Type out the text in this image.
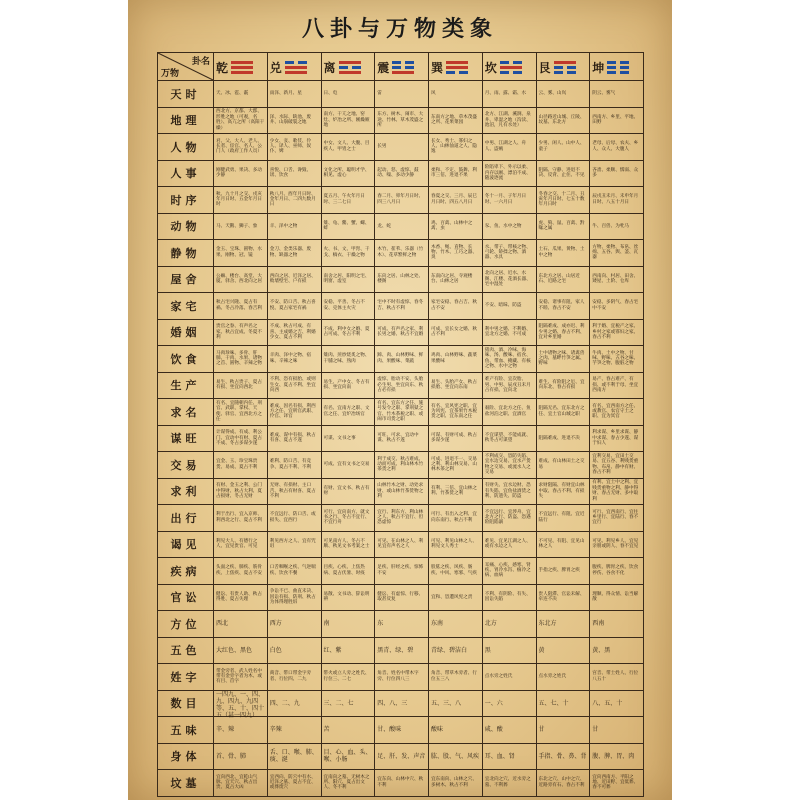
八卦与万物类象
卦名
万物	乾	兑	离	震	巽	坎	艮	坤
天时	天、冰、雹、霰	雨泽、新月、星	日、电	雷	风	月、雨、露、霜、水	云、雾、山岚	阴云、雾气

地理	西北方、京都、大郡、形胜之地（可观，名胜）、高亢之所（高阳干燥）	泽、水际、缺池、废井、山崩破裂之地	南方、干亢之地、窑灶、炉冶之所、刚燥厥地	东方、树木、闹市、大途、竹林、草木茂盛之所	东南方之地、草木茂盛之所、花果菜园	北方、江湖、溪涧、泉井、卑湿之地（沟渎、池沼，凡有水处）	山径路近山城、丘陵、坟墓、东北方	西南方、乡里、平地、田野

人物	君、父、大人、老人、长者、宦官、名人、公门人（政府工作人员）	少女、妾、歌伎、伶人、译人、巫师、奴仆、婢	中女、文人、大腹、目疾人、甲胄之士	长男	长女、秀士、寡妇之人、山林仙道之人、隐逸	中男、江湖之人、舟人、盗贼	少男、闲人、山中人、童子	老母、后母、农夫、乡人、众人、大腹人

人事	刚健武勇、果决、多动少静	喜悦、口舌、谗毁、谤、饮食	文化之所、聪明才学、相见、虚心	起动、怒、虚惊、鼓动、噪、多动少静	柔和、不定、鼓舞、利市三倍、进退不果	险陷卑下、外示以柔、内存以刚、漂泊不成、随波逐流	阻隔、守静、进退不决、反背、止住、不见	吝啬、柔顺、懦弱、众多

时序	秋、九十月之交、戌亥年月日时、五金年月日时	秋八月、酉年月日时、金年月日、二四九数月日	夏五月、午火年月日时、三二七日	春二月、卯年月日时、四三八月日	春夏之交、三月、辰巳月日时、四五八月日	冬十一月、子年月日时、一六月日	冬春之交、十二月、丑寅年月日时、七五十数年月日时	辰戌丑未月、未申年月日时、八五十月日

动物	马、天鹅、狮子、象	羊、泽中之物	雉、龟、鳖、蟹、螺、蚌	龙、蛇	鸡、百禽、山林中之禽、虫	豕、鱼、水中之物	虎、狗、鼠、百禽、黔喙之属	牛、百兽、为牝马

静物	金玉、宝珠、圆物、水果、刚物、冠、镜	金刀、金类乐器、废物、缺器之物	火、书、文、甲胄、干戈、槁衣、干燥之物	木竹、萑苇、乐器（竹木）、花草繁鲜之物	木香、绳、直物、长物、竹木、工巧之器、臭	水、带子、带核之物、弓轮、矫揉之物、酒器、水具	土石、瓜果、黄物、土中之物	方物、柔物、布帛、丝绵、五谷、舆、釜、瓦器

屋舍	公廨、楼台、高堂、大厦、驿舍、西北向之居	西向之居、近泽之居、败墙壁宅、户有损	南舍之居、阳明之宅、明窗、虚室	东向之居、山林之处、楼阁	东南向之居、寺观楼台、山林之居	北向之居、近水、水阁、江楼、花酒长器、宅中湿处	东北方之居、山居近石、近路之宅	西南向、村居、田舍、矮屋、土阶、仓库

家宅	秋占宅兴隆、夏占有祸、冬占冷落、春吉利	不安、防口舌、秋占喜悦、夏占家宅有祸	安稳、平善、冬占不安、克体主火灾	宅中不时有虚惊、春冬吉、秋占不利	家宅安稳、春占吉、秋占不安	不安、暗昧、防盗	安稳、诸事有阻、家人不睦、春占不安	安稳、多阴气、春占宅中不安

婚姻	贵官之眷、有声名之家、秋占宜成、冬夏不利	不成、秋占可成、有喜、主成婚之吉、利婚少女、夏占不利	不成、利中女之婚、夏占可成、冬占不利	可成、有声名之家、利长男之婚、秋占不宜婚	可成、宜长女之婚、秋占不利	利中男之婚、不利婚、宜北方之婚、不可成	阻隔难成、成亦迟、利少男之婚、春占不利、宜对乡里婚	利于婚、宜税产之家、乡村之家或寡妇之家、春占不利

饮食	马肉珍味、多骨、肝肺、干肉、水果、诸物之首、圆物、辛辣之物	羊肉、泽中之物、宿味、辛辣之味	雉肉、煎炒烧炙之物、干脯之味、熟肉	蹄、肉、山林野味、鲜肉、果酸味、菜蔬	鸡肉、山林野味、蔬菜果酸味	猪肉、酒、冷味、海味、汤、酸味、宿食、鱼、带血、掩藏、有核之物、水中之物	土中诸物之味、诸禽兽之肉、墓畔竹笋之属、野味	牛肉、土中之物、甘味、野味、五谷之味、芋笋之物、腹脏之物

生产	易生、秋占贵子、夏占有损、坐宜向西北	不利、恐有损胎、或则生女、夏占不利、坐宜向西	易生、产中女、冬占有损、坐宜向南	虚惊、胎动不安、头胎必生男、坐宜向东、秋占必有损	易生、头胎产女、秋占损胎、坐宜向东南	难产有险、宜次胎、男、中男、辰戌丑未月占有损、宜向北	难生、有险阻之厄、宜向东北、春占有损	易产、春占难产、有损、或不利于母、坐宜西南方

求名	有名、宜随朝内任、刑官、武职、掌权、天使、驿官、宜西北方之任	难成、因名有损、利西方之任、宜刑官武职、伶官、译官	有名、宜南方之职、文官之任、宜炉冶场官	有名、宜东方之任、施号发令之职、掌刑狱之官、竹木茶税之职、或闹市司货之职	有名、宜风宪之职、宜为风宪、宜茶果竹木税货之职、宜东南之任	艰险、宜北方之任、鱼盐河泊之职、宜酒官	阻隔无名、宜东北方之任、宜土官山城之职	有名、宜西南方之任、或教官、农官守土之职、宜为冥官

谋旺	计谋得成、有成、利公门、宜动中有财、夏占不成、冬占多谋少遂	难成、谋中有损、秋占有喜、夏占不遂	可谋、文书之事	可旺、可求、宜动中谋、秋占不遂	可谋、有财可成、秋占多谋少遂	不宜谋望、不能成就、秋冬占可谋望	阻隔难成、进退不决	利求谋、乡里求谋、静中求谋、春占少遂、谋于妇人

交易	宜金、玉、珍宝珠贵货、易成、夏占不利	难利、防口舌、有竞争、夏占不利、不利	可成、宜有文书之交易	利于成交、秋占难成、动而可成、利山林木竹茶货之利	可成、进退不一、交易之利、利山林交易、山林木茶之利	不利成交、恐防失陷、宜水边交易、宜水产货物之交易、或流水人之交易	难成、有山林田土之交易	宜利交易、宜田土交易、宜五谷、利贱货重物、布帛、静中有财、春占不利

求利	有财、金玉之利、公门中得财、秋占大利、夏占损财、冬占无财	无财、有损财、主口舌、秋占有财喜、夏占不利	有财、宜文书、秋占有财	山林竹木之财、动处求财、或山林竹茶货物之利	有利、三倍、宜山林之利、竹茶货之利	有财失、宜水边财、恐有失陷、宜鱼盐酒货之利、防遗失、防盗	求财阻隔、有财宜山林中取、春占不利、有损失	有利、宜土中之利、宜贱货重物之利、静中得财、春占无财、多中取利

出行	利于出行、宜入京师、利西北之行、夏占不利	不宜远行、防口舌、或损失、宜西行	可行、宜向南方、就文书之行、冬占不宜行、不宜行舟	宜行、利东方、利山林之人、秋占不宜行、但恐虚惊	可行、有出入之利、宜向东南行、秋占不利	不宜远行、宜涉舟、宜北方之行、防盗、恐遇险阻陷溺	不宜远行、有阻、宜近陆行	可行、宜西南行、宜往乡里行、宜陆行、春不宜行

谒见	利见大人、有德行之人、宜见贵官、可见	利见西方之人、宜有咒诅	可见南方人、冬占不顺、秋见文书考案之士	可见、在山林之人、利见宜有声名之人	可见、利见山林之人、利见文人秀士	难见、宜见江湖之人、或有水边之人	不可见、有阻、宜见山林之人	可见、利见乡人、宜见亲朋或阴人、春不宜见

疾病	头面之疾、肺疾、筋骨疾、上焦疾、夏占不安	口舌咽喉之疾、气逆喘疾、饮食不餐	目疾、心疾、上焦热病、夏占伏暑、时疫	足疾、肝经之疾、惊怖不安	股肱之疾、风疾、肠疾、中风、寒邪、气疾	耳痛、心疾、感寒、肾疾、胃冷水泻、痼冷之病、血病	手指之疾、脾胃之疾	腹疾、脾胃之疾、饮食停伤、谷食不化

官讼	健讼、有贵人助、秋占得胜、夏占失理	争讼不已、曲直未决、因讼有损、防刑、秋占为体得理胜诉	易散、文书动、辞讼明辨	健讼、有虚惊、行移、取甚反复	宜和、恐遭风宪之责	不利、有阴险、有失、因讼失陷	贵人阻滞、官讼未解、牵连不决	理顺、得众情、讼当解散

方位	西北	西方	南	东	东南	北方	东北方	西南

五色	大红色、黑色	白色	红、紫	黑青、绿、碧	青绿、碧洁白	黑	黄	黄、黑

姓字	带金旁者、武人姓名中带有金旁字者为木、或有目、首字	商音、带口带金字旁者、行位四、二九	带火或立人旁之姓氏、行位三、二七	角音、姓名中带木字旁、行位四八三	角音、带草木旁者、行位五三八	点水旁之姓氏	点水旁之姓氏	宫音、带土姓人、行位八五十

数目	一四九、一、四、九、四九、九四等、五、十、四十五（甚一四九）	四、二、九	三、二、七	四、八、三	五、三、八	一、六	五、七、十	八、五、十

五味	辛、辣	辛辣	苦	甘、酸味	酸味	咸、酸	甘	甘

身体	首、骨、肺	舌、口、喉、肺、痰、涎	目、心、血、头、喉、小肠	足、肝、发、声音	肱、股、气、风疾	耳、血、肾	手指、骨、鼻、背	腹、脾、胃、肉

坟墓	宜向西北、宜乾山气脉、宜天穴、秋占出贵、夏占大凶	宜西向、防穴中有水、近泽之墓、夏占不宜、或葬废穴	宜南向之墓、无树木之所、阳穴、夏占出文人、冬不利	宜东向、山林中穴、秋不利	宜东南向、山林之穴、多树木、秋占不利	宜北向之穴、近水旁之墓、不利葬	东北之穴、山中之穴、近路旁有石、春占不利	宜向西南方、平阳之地、近田野、宜低葬、春不可葬
